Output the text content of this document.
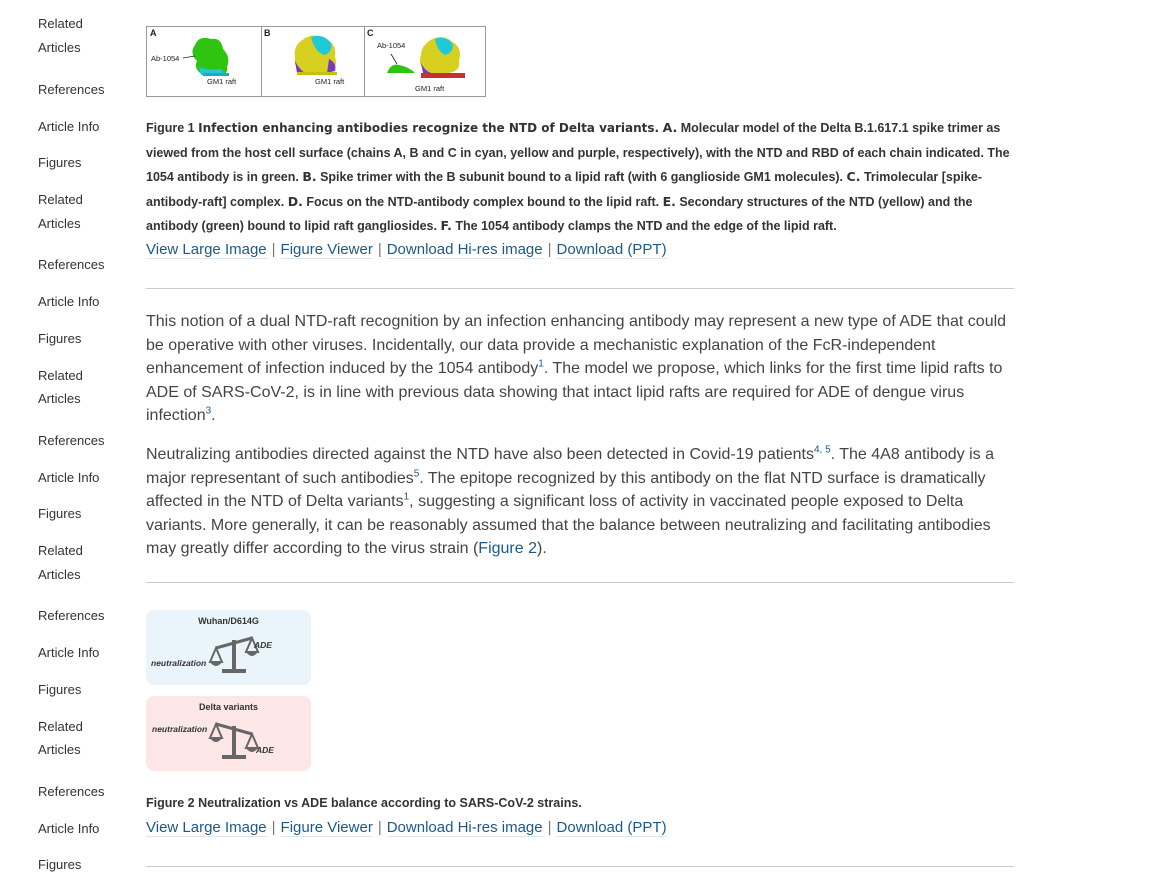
Related
Articles
References
Article Info
Figures
Related
Articles
References
Article Info
Figures
Related
Articles
References
Article Info
Figures
Related
Articles
References
Article Info
Figures
Related
Articles
References
Article Info
Figures
A	B	C
Ab-1054
GM1 raft	GM1 raft
Ab-1054
GM1 raft
Figure 1 Infection enhancing antibodies recognize the NTD of Delta variants. A. Molecular model of the Delta B.1.617.1 spike trimer as viewed from the host cell surface (chains A, B and C in cyan, yellow and purple, respectively), with the NTD and RBD of each chain indicated. The 1054 antibody is in green. B. Spike trimer with the B subunit bound to a lipid raft (with 6 ganglioside GM1 molecules). C. Trimolecular [spike-antibody-raft] complex. D. Focus on the NTD-antibody complex bound to the lipid raft. E. Secondary structures of the NTD (yellow) and the antibody (green) bound to lipid raft gangliosides. F. The 1054 antibody clamps the NTD and the edge of the lipid raft.
View Large Image | Figure Viewer | Download Hi-res image | Download (PPT)
This notion of a dual NTD-raft recognition by an infection enhancing antibody may represent a new type of ADE that could be operative with other viruses. Incidentally, our data provide a mechanistic explanation of the FcR-independent enhancement of infection induced by the 1054 antibody$^1$. The model we propose, which links for the first time lipid rafts to ADE of SARS-CoV-2, is in line with previous data showing that intact lipid rafts are required for ADE of dengue virus infection$^3$.
Neutralizing antibodies directed against the NTD have also been detected in Covid-19 patients$^{4, 5}$. The 4A8 antibody is a major representant of such antibodies$^5$. The epitope recognized by this antibody on the flat NTD surface is dramatically affected in the NTD of Delta variants$^1$, suggesting a significant loss of activity in vaccinated people exposed to Delta variants. More generally, it can be reasonably assumed that the balance between neutralizing and facilitating antibodies may greatly differ according to the virus strain (Figure 2).
Wuhan/D614G
ADE
neutralization
Delta variants
neutralization
ADE
Figure 2 Neutralization vs ADE balance according to SARS-CoV-2 strains.
View Large Image | Figure Viewer | Download Hi-res image | Download (PPT)
